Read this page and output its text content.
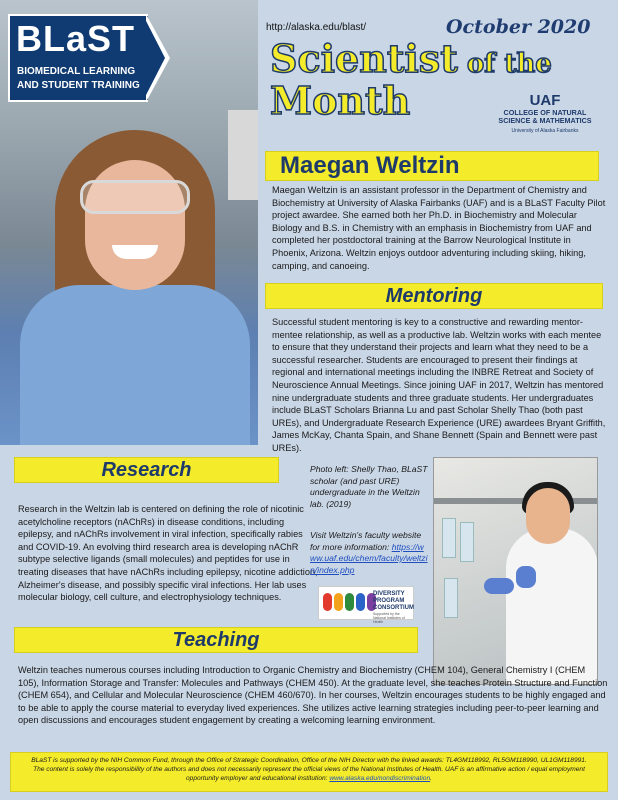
BLaST
BIOMEDICAL LEARNING
AND STUDENT TRAINING
http://alaska.edu/blast/	October 2020
Scientist of the
Month	UAF
COLLEGE OF NATURAL
SCIENCE & MATHEMATICS
University of Alaska Fairbanks
Maegan Weltzin
Maegan Weltzin is an assistant professor in the Department of Chemistry and Biochemistry at University of Alaska Fairbanks (UAF) and is a BLaST Faculty Pilot project awardee. She earned both her Ph.D. in Biochemistry and Molecular Biology and B.S. in Chemistry with an emphasis in Biochemistry from UAF and completed her postdoctoral training at the Barrow Neurological Institute in Phoenix, Arizona. Weltzin enjoys outdoor adventuring including skiing, hiking, camping, and canoeing.
Mentoring
Successful student mentoring is key to a constructive and rewarding mentor-mentee relationship, as well as a productive lab. Weltzin works with each mentee to ensure that they understand their projects and learn what they need to be a successful researcher. Students are encouraged to present their findings at regional and international meetings including the INBRE Retreat and Society of Neuroscience Annual Meetings. Since joining UAF in 2017, Weltzin has mentored nine undergraduate students and three graduate students. Her undergraduates include BLaST Scholars Brianna Lu and past Scholar Shelly Thao (both past UREs), and Undergraduate Research Experience (URE) awardees Bryant Griffith, James McKay, Chanta Spain, and Shane Bennett (Spain and Bennett were past UREs).
Research
Research in the Weltzin lab is centered on defining the role of nicotinic acetylcholine receptors (nAChRs) in disease conditions, including epilepsy, and nAChRs involvement in viral infection, specifically rabies and COVID-19. An evolving third research area is developing nAChR subtype selective ligands (small molecules) and peptides for use in treating diseases that have nAChRs including epilepsy, nicotine addiction, Alzheimer's disease, and possibly specific viral infections. Her lab uses molecular biology, cell culture, and electrophysiology techniques.
Photo left: Shelly Thao, BLaST scholar (and past URE) undergraduate in the Weltzin lab. (2019)
Visit Weltzin's faculty website for more information: https://www.uaf.edu/chem/faculty/weltzin/index.php
DIVERSITY
PROGRAM
CONSORTIUM
Supported by the National Institutes of Health
Teaching
Weltzin teaches numerous courses including Introduction to Organic Chemistry and Biochemistry (CHEM 104), General Chemistry I (CHEM 105), Information Storage and Transfer: Molecules and Pathways (CHEM 450). At the graduate level, she teaches Protein Structure and Function (CHEM 654), and Cellular and Molecular Neuroscience (CHEM 460/670). In her courses, Weltzin encourages students to be highly engaged and to be able to apply the course material to everyday lived experiences. She utilizes active learning strategies including peer-to-peer learning and open discussions and encourages student engagement by creating a welcoming learning environment.
BLaST is supported by the NIH Common Fund, through the Office of Strategic Coordination, Office of the NIH Director with the linked awards: TL4GM118992, RL5GM118990, UL1GM118991. The content is solely the responsibility of the authors and does not necessarily represent the official views of the National Institutes of Health. UAF is an affirmative action / equal employment opportunity employer and educational institution: www.alaska.edu/nondiscrimination.
